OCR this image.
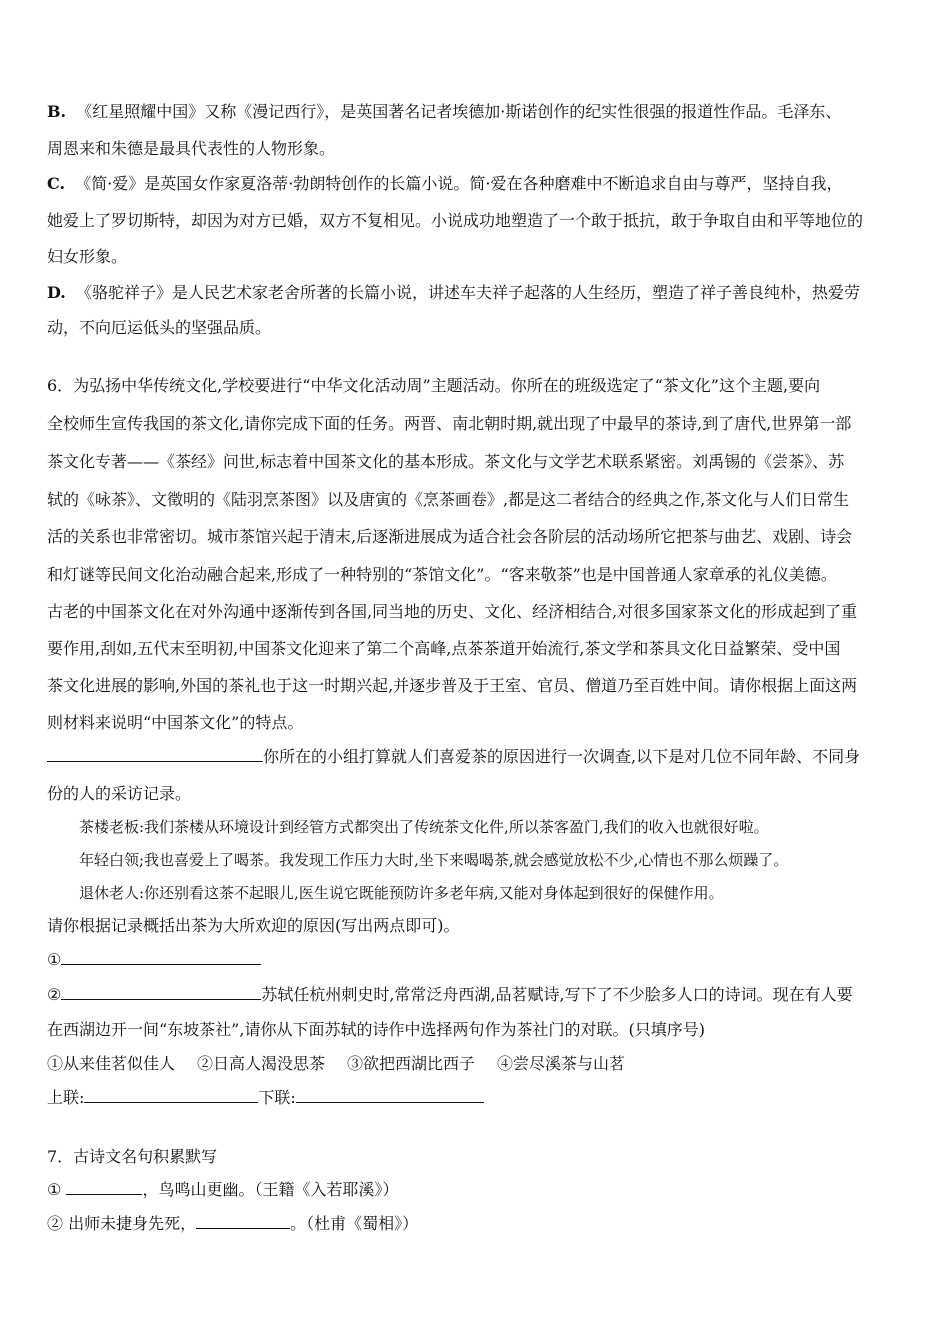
B. 《红星照耀中国》又称《漫记西行》，是英国著名记者埃德加·斯诺创作的纪实性很强的报道性作品。毛泽东、
周恩来和朱德是最具代表性的人物形象。
C. 《简·爱》是英国女作家夏洛蒂·勃朗特创作的长篇小说。简·爱在各种磨难中不断追求自由与尊严，坚持自我，
她爱上了罗切斯特，却因为对方已婚，双方不复相见。小说成功地塑造了一个敢于抵抗，敢于争取自由和平等地位的
妇女形象。
D. 《骆驼祥子》是人民艺术家老舍所著的长篇小说，讲述车夫祥子起落的人生经历，塑造了祥子善良纯朴，热爱劳
动，不向厄运低头的坚强品质。
6．为弘扬中华传统文化,学校要进行“中华文化活动周”主题活动。你所在的班级选定了“茶文化”这个主题,要向
全校师生宣传我国的茶文化,请你完成下面的任务。两晋、南北朝时期,就出现了中最早的茶诗,到了唐代,世界第一部
茶文化专著——《茶经》问世,标志着中国茶文化的基本形成。茶文化与文学艺术联系紧密。刘禹锡的《尝茶》、苏
轼的《咏茶》、文徵明的《陆羽烹茶图》以及唐寅的《烹茶画卷》,都是这二者结合的经典之作,茶文化与人们日常生
活的关系也非常密切。城市茶馆兴起于清末,后逐渐进展成为适合社会各阶层的活动场所它把茶与曲艺、戏剧、诗会
和灯谜等民间文化治动融合起来,形成了一种特别的“茶馆文化”。“客来敬茶”也是中国普通人家章承的礼仪美德。
古老的中国茶文化在对外沟通中逐渐传到各国,同当地的历史、文化、经济相结合,对很多国家茶文化的形成起到了重
要作用,刮如,五代末至明初,中国茶文化迎来了第二个高峰,点茶茶道开始流行,茶文学和茶具文化日益繁荣、受中国
茶文化进展的影响,外国的茶礼也于这一时期兴起,并逐步普及于王室、官员、僧道乃至百姓中间。请你根据上面这两
则材料来说明“中国茶文化”的特点。
你所在的小组打算就人们喜爱茶的原因进行一次调查,以下是对几位不同年龄、不同身
份的人的采访记录。
茶楼老板:我们茶楼从环境设计到经管方式都突出了传统茶文化件,所以茶客盈门,我们的收入也就很好啦。
年轻白领;我也喜爱上了喝茶。我发现工作压力大时,坐下来喝喝茶,就会感觉放松不少,心情也不那么烦躁了。
退休老人:你还别看这茶不起眼儿,医生说它既能预防许多老年病,又能对身体起到很好的保健作用。
请你根据记录概括出茶为大所欢迎的原因(写出两点即可)。
①
②	苏轼任杭州刺史时,常常泛舟西湖,品茗赋诗,写下了不少脍多人口的诗词。现在有人要
在西湖边开一间“东坡茶社”,请你从下面苏轼的诗作中选择两句作为茶社门的对联。(只填序号)
①从来佳茗似佳人 ②日高人渴没思茶 ③欲把西湖比西子 ④尝尽溪茶与山茗
上联:	下联:
7．古诗文名句积累默写
①	，鸟鸣山更幽。（王籍《入若耶溪》）
② 出师未捷身先死，	。（杜甫《蜀相》）
